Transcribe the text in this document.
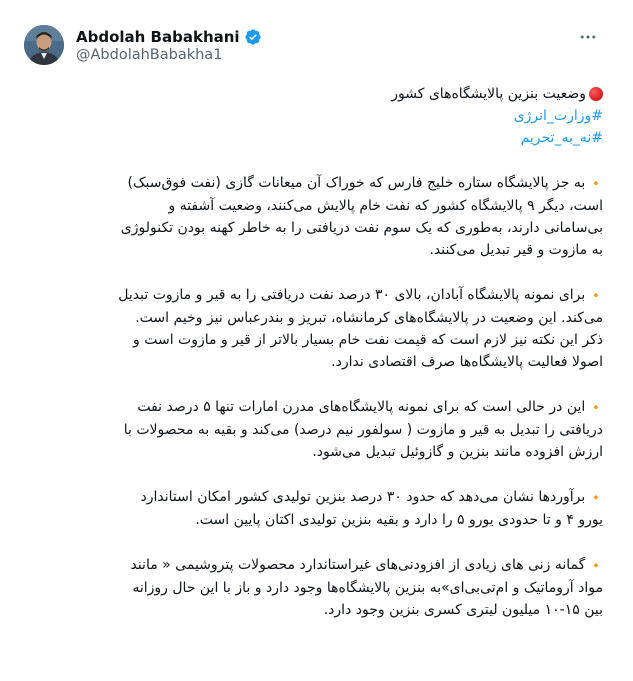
Abdolah Babakhani
@AbdolahBabakha1
وضعیت بنزین پالایشگاه‌های کشور
#وزارت_انرژی
#نه_به_تحریم

🔸به جز پالایشگاه ستاره خلیج فارس که خوراک آن میعانات گازی (نفت فوق‌سبک)
است، دیگر ۹ پالایشگاه کشور که نفت خام پالایش می‌کنند، وضعیت آشفته و
بی‌سامانی دارند، به‌طوری که یک سوم نفت دریافتی را به خاطر کهنه بودن تکنولوژی
به مازوت و قیر تبدیل می‌کنند.

🔸برای نمونه پالایشگاه آبادان، بالای ۳۰ درصد نفت دریافتی را به قیر و مازوت تبدیل
می‌کند. این وضعیت در پالایشگاه‌های کرمانشاه، تبریز و بندرعباس نیز وخیم است.
ذکر این نکته نیز لازم است که قیمت نفت خام بسیار بالاتر از قیر و مازوت است و
اصولا فعالیت پالایشگاه‌ها صرف اقتصادی ندارد.

🔸این در حالی است که برای نمونه پالایشگاه‌های مدرن امارات تنها ۵ درصد نفت
دریافتی را تبدیل به قیر و مازوت ( سولفور نیم درصد) می‌کند و بقیه به محصولات با
ارزش افزوده مانند بنزین و گازوئیل تبدیل می‌شود.

🔸برآوردها نشان می‌دهد که حدود ۳۰ درصد بنزین تولیدی کشور امکان استاندارد
یورو ۴ و تا حدودی یورو ۵ را دارد و بقیه بنزین تولیدی اکتان پایین است.

🔸گمانه زنی های زیادی از افزودنی‌های غیراستاندارد محصولات پتروشیمی « مانند
مواد آروماتیک و ام‌تی‌بی‌ای»به بنزین پالایشگاه‌ها وجود دارد و باز با این حال روزانه
بین ۱۵-۱۰ میلیون لیتری کسری بنزین وجود دارد.
